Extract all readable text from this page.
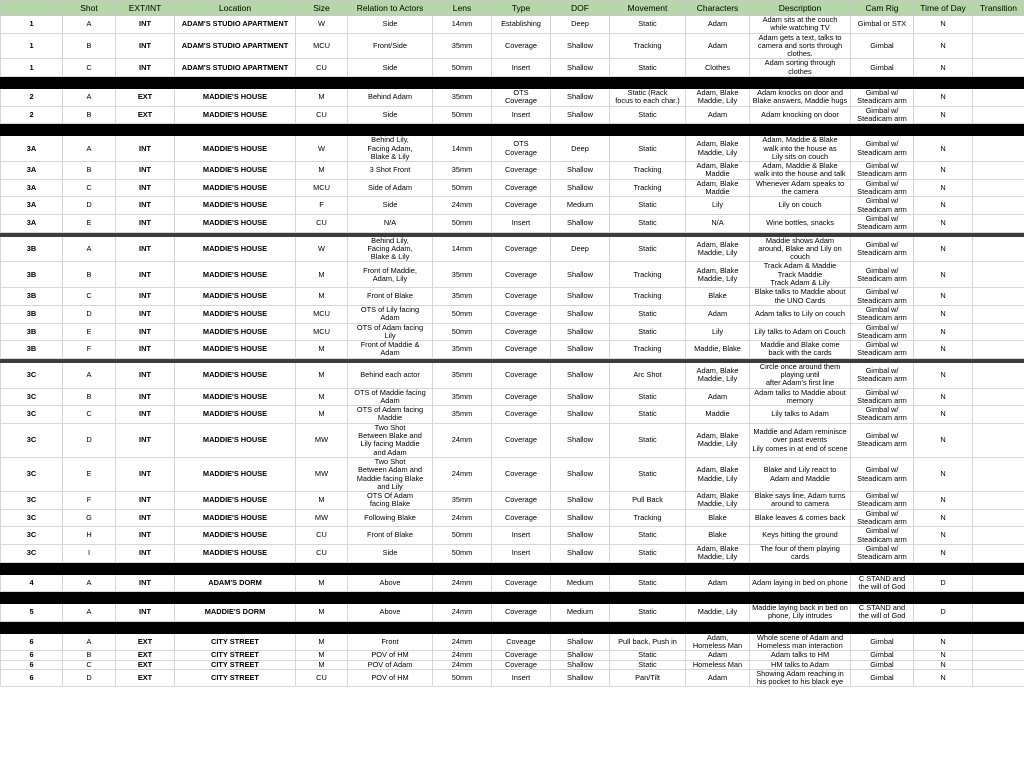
	Shot	EXT/INT	Location	Size	Relation to Actors	Lens	Type	DOF	Movement	Characters	Description	Cam Rig	Time of Day	Transition
1	A	INT	ADAM'S STUDIO APARTMENT	W	Side	14mm	Establishing	Deep	Static	Adam	Adam sits at the couch
while watching TV	Gimbal or STX	N	
1	B	INT	ADAM'S STUDIO APARTMENT	MCU	Front/Side	35mm	Coverage	Shallow	Tracking	Adam	Adam gets a text, talks to
camera and sorts through
clothes.	Gimbal	N	
1	C	INT	ADAM'S STUDIO APARTMENT	CU	Side	50mm	Insert	Shallow	Static	Clothes	Adam sorting through
clothes	Gimbal	N	

2	A	EXT	MADDIE'S HOUSE	M	Behind Adam	35mm	OTS
Coverage	Shallow	Static (Rack
focus to each char.)	Adam, Blake
Maddie, Lily	Adam knocks on door and
Blake answers, Maddie hugs	Gimbal w/
Steadicam arm	N	
2	B	EXT	MADDIE'S HOUSE	CU	Side	50mm	Insert	Shallow	Static	Adam	Adam knocking on door	Gimbal w/
Steadicam arm	N	

3A	A	INT	MADDIE'S HOUSE	W	Behind Lily,
Facing Adam,
Blake & Lily	14mm	OTS
Coverage	Deep	Static	Adam, Blake
Maddie, Lily	Adam, Maddie & Blake
walk into the house as
Lily sits on couch	Gimbal w/
Steadicam arm	N	
3A	B	INT	MADDIE'S HOUSE	M	3 Shot Front	35mm	Coverage	Shallow	Tracking	Adam, Blake
Maddie	Adam, Maddie & Blake
walk into the house and talk	Gimbal w/
Steadicam arm	N	
3A	C	INT	MADDIE'S HOUSE	MCU	Side of Adam	50mm	Coverage	Shallow	Tracking	Adam, Blake
Maddie	Whenever Adam speaks to
the camera	Gimbal w/
Steadicam arm	N	
3A	D	INT	MADDIE'S HOUSE	F	Side	24mm	Coverage	Medium	Static	Lily	Lily on couch	Gimbal w/
Steadicam arm	N	
3A	E	INT	MADDIE'S HOUSE	CU	N/A	50mm	Insert	Shallow	Static	N/A	Wine bottles, snacks	Gimbal w/
Steadicam arm	N	

3B	A	INT	MADDIE'S HOUSE	W	Behind Lily,
Facing Adam,
Blake & Lily	14mm	Coverage	Deep	Static	Adam, Blake
Maddie, Lily	Maddie shows Adam
around, Blake and Lily on
couch	Gimbal w/
Steadicam arm	N	
3B	B	INT	MADDIE'S HOUSE	M	Front of Maddie,
Adam, Lily	35mm	Coverage	Shallow	Tracking	Adam, Blake
Maddie, Lily	Track Adam & Maddie
Track Maddie
Track Adam & Lily	Gimbal w/
Steadicam arm	N	
3B	C	INT	MADDIE'S HOUSE	M	Front of Blake	35mm	Coverage	Shallow	Tracking	Blake	Blake talks to Maddie about
the UNO Cards	Gimbal w/
Steadicam arm	N	
3B	D	INT	MADDIE'S HOUSE	MCU	OTS of Lily facing
Adam	50mm	Coverage	Shallow	Static	Adam	Adam talks to Lily on couch	Gimbal w/
Steadicam arm	N	
3B	E	INT	MADDIE'S HOUSE	MCU	OTS of Adam facing
Lily	50mm	Coverage	Shallow	Static	Lily	Lily talks to Adam on Couch	Gimbal w/
Steadicam arm	N	
3B	F	INT	MADDIE'S HOUSE	M	Front of Maddie &
Adam	35mm	Coverage	Shallow	Tracking	Maddie, Blake	Maddie and Blake come
back with the cards	Gimbal w/
Steadicam arm	N	

3C	A	INT	MADDIE'S HOUSE	M	Behind each actor	35mm	Coverage	Shallow	Arc Shot	Adam, Blake
Maddie, Lily	Circle once around them
playing until
after Adam's first line	Gimbal w/
Steadicam arm	N	
3C	B	INT	MADDIE'S HOUSE	M	OTS of Maddie facing
Adam	35mm	Coverage	Shallow	Static	Adam	Adam talks to Maddie about
memory	Gimbal w/
Steadicam arm	N	
3C	C	INT	MADDIE'S HOUSE	M	OTS of Adam facing
Maddie	35mm	Coverage	Shallow	Static	Maddie	Lily talks to Adam	Gimbal w/
Steadicam arm	N	
3C	D	INT	MADDIE'S HOUSE	MW	Two Shot
Between Blake and
Lily facing Maddie
and Adam	24mm	Coverage	Shallow	Static	Adam, Blake
Maddie, Lily	Maddie and Adam reminisce
over past events
Lily comes in at end of scene	Gimbal w/
Steadicam arm	N	
3C	E	INT	MADDIE'S HOUSE	MW	Two Shot
Between Adam and
Maddie facing Blake
and Lily	24mm	Coverage	Shallow	Static	Adam, Blake
Maddie, Lily	Blake and Lily react to
Adam and Maddie	Gimbal w/
Steadicam arm	N	
3C	F	INT	MADDIE'S HOUSE	M	OTS Of Adam
facing Blake	35mm	Coverage	Shallow	Pull Back	Adam, Blake
Maddie, Lily	Blake says line, Adam turns
around to camera	Gimbal w/
Steadicam arm	N	
3C	G	INT	MADDIE'S HOUSE	MW	Following Blake	24mm	Coverage	Shallow	Tracking	Blake	Blake leaves & comes back	Gimbal w/
Steadicam arm	N	
3C	H	INT	MADDIE'S HOUSE	CU	Front of Blake	50mm	Insert	Shallow	Static	Blake	Keys hitting the ground	Gimbal w/
Steadicam arm	N	
3C	I	INT	MADDIE'S HOUSE	CU	Side	50mm	Insert	Shallow	Static	Adam, Blake
Maddie, Lily	The four of them playing
cards	Gimbal w/
Steadicam arm	N	

4	A	INT	ADAM'S DORM	M	Above	24mm	Coverage	Medium	Static	Adam	Adam laying in bed on phone	C STAND and
the will of God	D	

5	A	INT	MADDIE'S DORM	M	Above	24mm	Coverage	Medium	Static	Maddie, Lily	Maddie laying back in bed on
phone, Lily intrudes	C STAND and
the will of God	D	

6	A	EXT	CITY STREET	M	Front	24mm	Coveage	Shallow	Pull back, Push in	Adam,
Homeless Man	Whole scene of Adam and
Homeless man interaction	Gimbal	N	
6	B	EXT	CITY STREET	M	POV of HM	24mm	Coverage	Shallow	Static	Adam	Adam talks to HM	Gimbal	N	
6	C	EXT	CITY STREET	M	POV of Adam	24mm	Coverage	Shallow	Static	Homeless Man	HM talks to Adam	Gimbal	N	
6	D	EXT	CITY STREET	CU	POV of HM	50mm	Insert	Shallow	Pan/Tilt	Adam	Showing Adam reaching in
his pocket to his black eye	Gimbal	N	
